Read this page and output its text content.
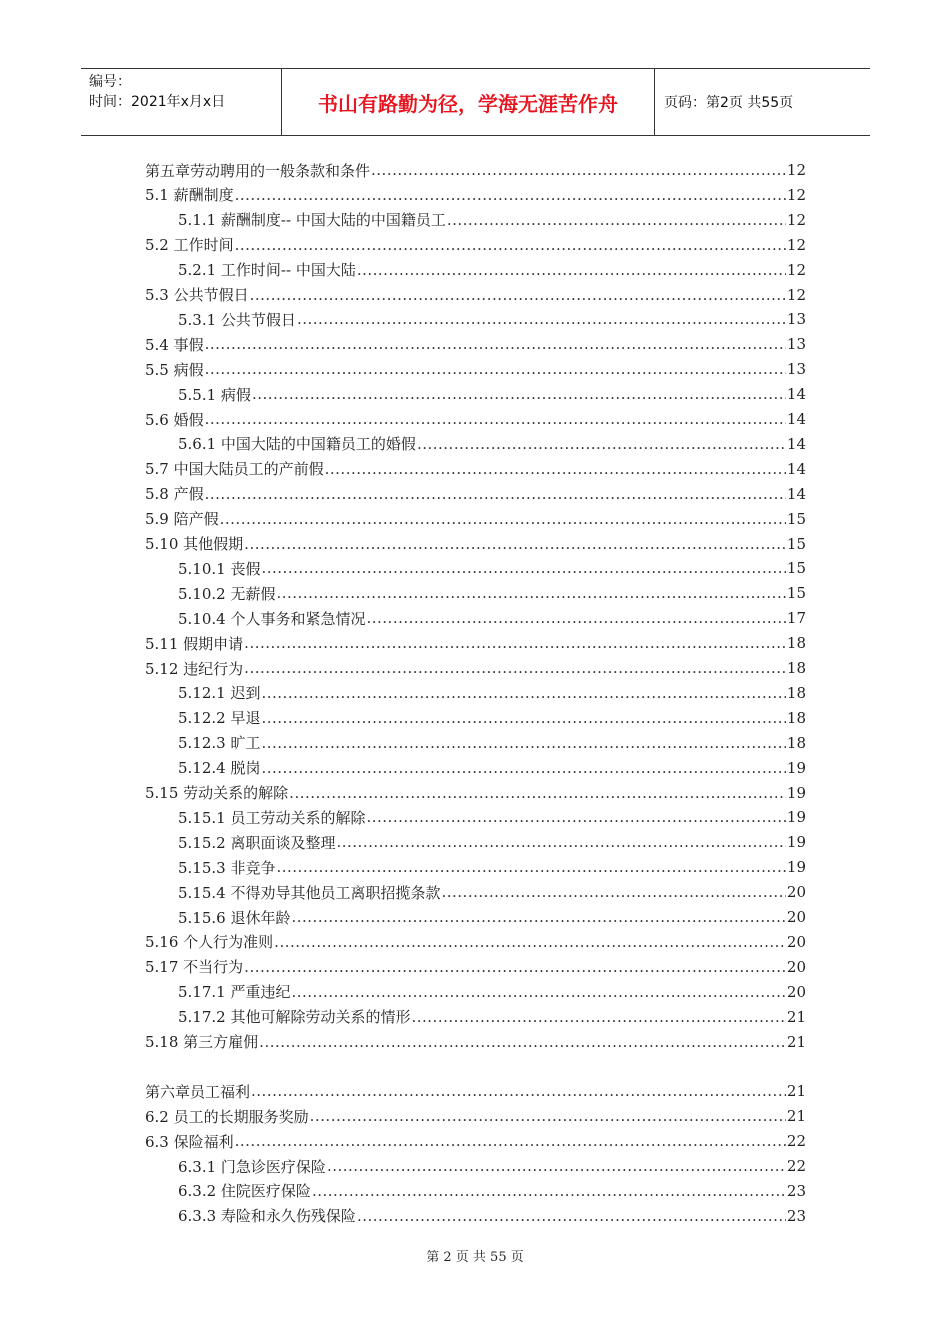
编号：
时间：2021年x月x日	书山有路勤为径，学海无涯苦作舟	页码：第2页 共55页
第五章劳动聘用的一般条款和条件 .....	12
5.1 薪酬制度 .....	12
5.1.1 薪酬制度-- 中国大陆的中国籍员工 .....	12
5.2 工作时间 .....	12
5.2.1 工作时间-- 中国大陆 .....	12
5.3 公共节假日 .....	12
5.3.1 公共节假日 .....	13
5.4 事假 .....	13
5.5 病假 .....	13
5.5.1 病假 .....	14
5.6 婚假 .....	14
5.6.1 中国大陆的中国籍员工的婚假 .....	14
5.7 中国大陆员工的产前假 .....	14
5.8 产假 .....	14
5.9 陪产假 .....	15
5.10 其他假期 .....	15
5.10.1 丧假 .....	15
5.10.2 无薪假 .....	15
5.10.4 个人事务和紧急情况 .....	17
5.11 假期申请 .....	18
5.12 违纪行为 .....	18
5.12.1 迟到 .....	18
5.12.2 早退 .....	18
5.12.3 旷工 .....	18
5.12.4 脱岗 .....	19
5.15 劳动关系的解除 .....	19
5.15.1 员工劳动关系的解除 .....	19
5.15.2 离职面谈及整理 .....	19
5.15.3 非竞争 .....	19
5.15.4 不得劝导其他员工离职招揽条款 .....	20
5.15.6 退休年龄 .....	20
5.16 个人行为准则 .....	20
5.17 不当行为 .....	20
5.17.1 严重违纪 .....	20
5.17.2 其他可解除劳动关系的情形 .....	21
5.18 第三方雇佣 .....	21
第六章员工福利 .....	21
6.2 员工的长期服务奖励 .....	21
6.3 保险福利 .....	22
6.3.1 门急诊医疗保险 .....	22
6.3.2 住院医疗保险 .....	23
6.3.3 寿险和永久伤残保险 .....	23
第 2 页 共 55 页
